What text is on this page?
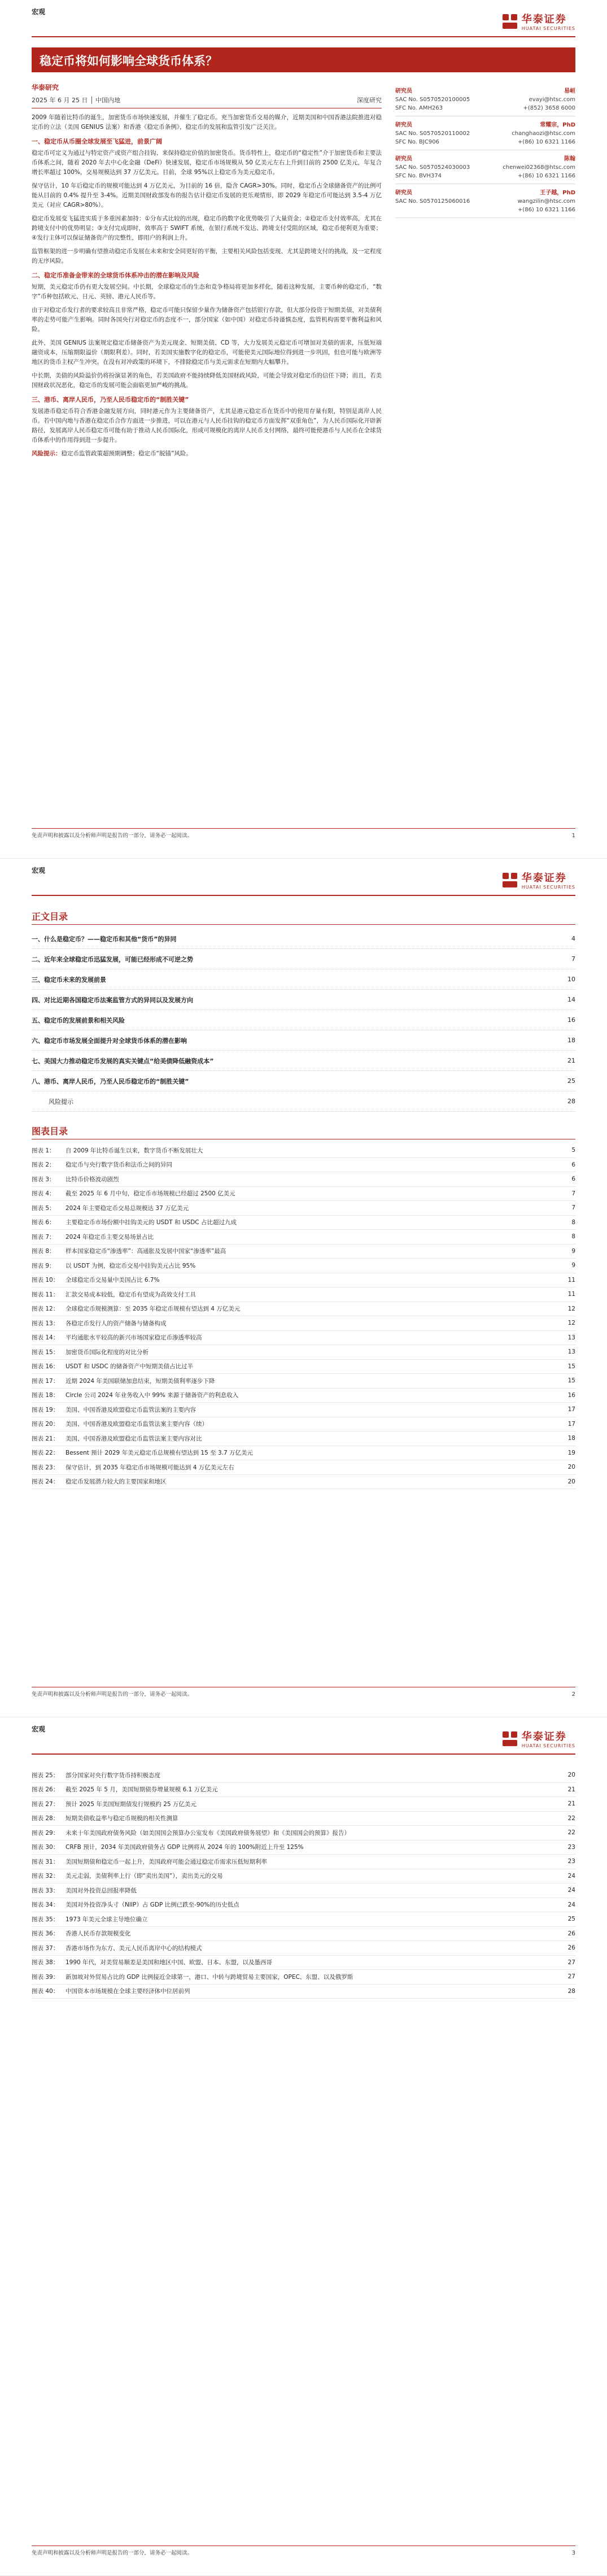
宏观
华泰证券
HUATAI SECURITIES
稳定币将如何影响全球货币体系？
华泰研究
2025 年 6 月 25 日 │ 中国内地	深度研究

2009 年随着比特币的诞生，加密货币市场快速发展，并催生了稳定币。充当加密货币交易的媒介，近期美国和中国香港法院推进对稳定币的立法（美国 GENIUS 法案）和香港《稳定币条例》，稳定币的发展和监管引发广泛关注。

一、稳定币从币圈全球发展至飞猛进，前景广阔

稳定币可定义为通过与特定资产或资产组合挂钩、来保持稳定价值的加密货币。货币特性上，稳定币的“稳定性”介于加密货币和主要法币体系之间，随着 2020 年去中心化金融（DeFi）快速发展，稳定币市场规模从 50 亿美元左右上升到目前的 2500 亿美元，年复合增长率超过 100%，交易规模达到 37 万亿美元。目前，全球 95%以上稳定币为美元稳定币。

保守估计，10 年后稳定币的规模可能达到 4 万亿美元，为目前的 16 倍，隐含 CAGR>30%。同时，稳定币占全球储备资产的比例可能从目前的 0.4% 提升至 3-4%。近期美国财政部发布的报告估计稳定币发展的更乐观情形，即 2029 年稳定币可能达到 3.5-4 万亿美元（对应 CAGR>80%）。

稳定币发展变飞猛进实质于多重因素加持：①分布式比较的出现，稳定币的数字化优势吸引了大量资金；②稳定币支付效率高，尤其在跨境支付中的优势明显；③支付完成即时，效率高于 SWIFT 系统，在银行系统不发达、跨境支付受阻的区域，稳定币便利更为重要；④发行主体可以保证储备资产的完整性，即用户的利润上升。

监管框架的进一步明确有望推动稳定币发展在未来和安全同更好的平衡，主要相关风险包括变现、尤其是跨境支付的挑战，及一定程度的无序风险。

二、稳定币准备金带来的全球货币体系冲击的潜在影响及风险

短期，美元稳定币仍有更大发展空间。中长期，全球稳定币的生态和竞争格局将更加多样化，随着这种发展，主要币种的稳定币，“数字”币种包括欧元、日元、英镑、港元人民币等。

由于对稳定币发行者的要求较高且非常严格，稳定币可能只保留少量作为储备资产包括银行存款，但大部分投资于短期美债，对美债利率的走势可能产生影响。同时各国央行对稳定币的态度不一，部分国家（如中国）对稳定币持谨慎态度，监管机构需要平衡利益和风险。

此外，美国 GENIUS 法案规定稳定币储备资产为美元现金、短期美债、CD 等，大力发展美元稳定币可增加对美债的需求，压低短端融资成本，压缩期限溢价（期限利差）。同时，若美国实施数字化的稳定币，可能使美元国际地位得到进一步巩固，但也可能与欧洲等地区的货币主权产生冲突。在没有对冲政策的环境下，不排除稳定币与美元需求在短期内大幅攀升。

中长期，美债的风险溢价仍将扮演显著的角色，若美国政府不能持续降低美国财政风险，可能会导致对稳定币的信任下降；而且，若美国财政状况恶化，稳定币的发展可能会面临更加严峻的挑战。

三、港币、离岸人民币，乃至人民币稳定币的“制胜关键”

发展港币稳定币符合香港金融发展方向，同时港元作为主要储备资产，尤其是港元稳定币在货币中的使用存量有限，特别是离岸人民币。若中国内地与香港在稳定币合作方面进一步推进，可以在港元与人民币挂钩的稳定币方面发挥“双重角色”，为人民币国际化开辟新路径，发展离岸人民币稳定币可能有助于推动人民币国际化，形成可规模化的离岸人民币支付网络，最终可能使港币与人民币在全球货币体系中的作用得到进一步提升。

风险提示：稳定币监管政策超预期调整；稳定币“脱锚”风险。
研究员	易峘
SAC No. S0570520100005	evayi@htsc.com
SFC No. AMH263	+(852) 3658 6000
研究员	常耀宗，PhD
SAC No. S0570520110002	changhaozi@htsc.com
SFC No. BJC906	+(86) 10 6321 1166
研究员	陈翰
SAC No. S0570524030003	chenwei02368@htsc.com
SFC No. BVH374	+(86) 10 6321 1166
研究员	王子越，PhD
SAC No. S0570125060016	wangzilin@htsc.com
+(86) 10 6321 1166
免责声明和披露以及分析师声明是报告的一部分，请务必一起阅读。	1
宏观
华泰证券
HUATAI SECURITIES
正文目录
一、什么是稳定币？——稳定币和其他“货币”的异同	4
二、近年来全球稳定币迅猛发展，可能已经形成不可逆之势	7
三、稳定币未来的发展前景	10
四、对比近期各国稳定币法案监管方式的异同以及发展方向	14
五、稳定币的发展前景和相关风险	16
六、稳定币市场发展全面提升对全球货币体系的潜在影响	18
七、美国大力推动稳定币发展的真实关键点“给美债降低融资成本”	21
八、港币、离岸人民币，乃至人民币稳定币的“制胜关键”	25
风险提示	28
图表目录
图表 1：	自 2009 年比特币诞生以来，数字货币不断发展壮大	5
图表 2：	稳定币与央行数字货币和法币之间的异同	6
图表 3：	比特币价格波动剧烈	6
图表 4：	截至 2025 年 6 月中旬，稳定币市场规模已经超过 2500 亿美元	7
图表 5：	2024 年主要稳定币交易总规模达 37 万亿美元	7
图表 6：	主要稳定币市场份额中挂钩美元的 USDT 和 USDC 占比超过九成	8
图表 7：	2024 年稳定币主要交易场景占比	8
图表 8：	样本国家稳定币“渗透率”：高通胀及发展中国家“渗透率”最高	9
图表 9：	以 USDT 为例，稳定币交易中挂钩美元占比 95%	9
图表 10：	全球稳定币交易量中美国占比 6.7%	11
图表 11：	汇款交易成本较低，稳定币有望成为高效支付工具	11
图表 12：	全球稳定币规模测算：至 2035 年稳定币规模有望达到 4 万亿美元	12
图表 13：	各稳定币发行人的资产储备与储备构成	12
图表 14：	平均通胀水平较高的新兴市场国家稳定币渗透率较高	13
图表 15：	加密货币国际化程度的对比分析	13
图表 16：	USDT 和 USDC 的储备资产中短期美债占比过半	15
图表 17：	近期 2024 年美国联储加息结束，短期美债利率逐步下降	15
图表 18：	Circle 公司 2024 年业务收入中 99% 来源于储备资产的利息收入	16
图表 19：	美国、中国香港及欧盟稳定币监管法案的主要内容	17
图表 20：	美国、中国香港及欧盟稳定币监管法案主要内容（续）	17
图表 21：	美国、中国香港及欧盟稳定币监管法案主要内容对比	18
图表 22：	Bessent 预计 2029 年美元稳定币总规模有望达到 15 至 3.7 万亿美元	19
图表 23：	保守估计，到 2035 年稳定币市场规模可能达到 4 万亿美元左右	20
图表 24：	稳定币发展潜力较大的主要国家和地区	20
免责声明和披露以及分析师声明是报告的一部分，请务必一起阅读。	2
宏观
华泰证券
HUATAI SECURITIES
图表 25：	部分国家对央行数字货币持积极态度	20
图表 26：	截至 2025 年 5 月，美国短期债券增量规模 6.1 万亿美元	21
图表 27：	预计 2025 年美国短期债发行规模约 25 万亿美元	21
图表 28：	短期美债收益率与稳定币规模的相关性测算	22
图表 29：	未来十年美国政府债务风险（如美国国会预算办公室发布《美国政府债务展望》和《美国国会的预算》报告）	22
图表 30：	CRFB 预计，2034 年美国政府债务占 GDP 比例将从 2024 年的 100%附近上升至 125%	23
图表 31：	美国短期债和稳定币一起上升，美国政府可能会通过稳定币需求压低短期利率	23
图表 32：	美元走弱，美债利率上行（即“卖出美国”），卖出美元的交易	24
图表 33：	美国对外投资总回报率降低	24
图表 34：	美国对外投资净头寸（NIIP）占 GDP 比例已跌至-90%的历史低点	24
图表 35：	1973 年美元全球主导地位确立	25
图表 36：	香港人民币存款规模变化	26
图表 37：	香港市场作为东方、美元人民币离岸中心的结构模式	26
图表 38：	1990 年代，对美贸易顺差是美国和地区中国、欧盟、日本、东盟，以及墨西哥	27
图表 39：	新加坡对外贸易占比的 GDP 比例接近全球第一，港口、中转与跨境贸易主要国家，OPEC、东盟、以及俄罗斯	27
图表 40：	中国资本市场规模在全球主要经济体中位居前列	28
免责声明和披露以及分析师声明是报告的一部分，请务必一起阅读。	3
